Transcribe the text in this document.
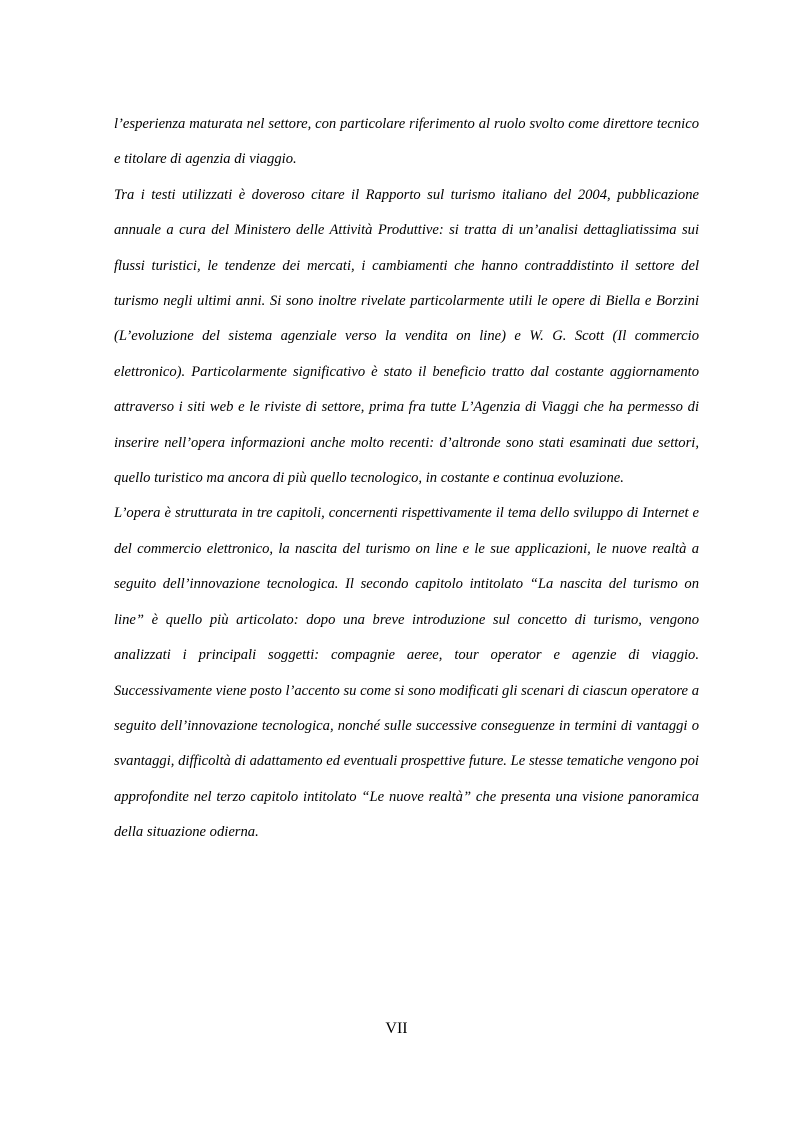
l’esperienza maturata nel settore, con particolare riferimento al ruolo svolto come direttore tecnico e titolare di agenzia di viaggio.

Tra i testi utilizzati è doveroso citare il Rapporto sul turismo italiano del 2004, pubblicazione annuale a cura del Ministero delle Attività Produttive: si tratta di un’analisi dettagliatissima sui flussi turistici, le tendenze dei mercati, i cambiamenti che hanno contraddistinto il settore del turismo negli ultimi anni. Si sono inoltre rivelate particolarmente utili le opere di Biella e Borzini (L’evoluzione del sistema agenziale verso la vendita on line) e W. G. Scott (Il commercio elettronico). Particolarmente significativo è stato il beneficio tratto dal costante aggiornamento attraverso i siti web e le riviste di settore, prima fra tutte L’Agenzia di Viaggi che ha permesso di inserire nell’opera informazioni anche molto recenti: d’altronde sono stati esaminati due settori, quello turistico ma ancora di più quello tecnologico, in costante e continua evoluzione.

L’opera è strutturata in tre capitoli, concernenti rispettivamente il tema dello sviluppo di Internet e del commercio elettronico, la nascita del turismo on line e le sue applicazioni, le nuove realtà a seguito dell’innovazione tecnologica. Il secondo capitolo intitolato “La nascita del turismo on line” è quello più articolato: dopo una breve introduzione sul concetto di turismo, vengono analizzati i principali soggetti: compagnie aeree, tour operator e agenzie di viaggio. Successivamente viene posto l’accento su come si sono modificati gli scenari di ciascun operatore a seguito dell’innovazione tecnologica, nonché sulle successive conseguenze in termini di vantaggi o svantaggi, difficoltà di adattamento ed eventuali prospettive future. Le stesse tematiche vengono poi approfondite nel terzo capitolo intitolato “Le nuove realtà” che presenta una visione panoramica della situazione odierna.

VII
